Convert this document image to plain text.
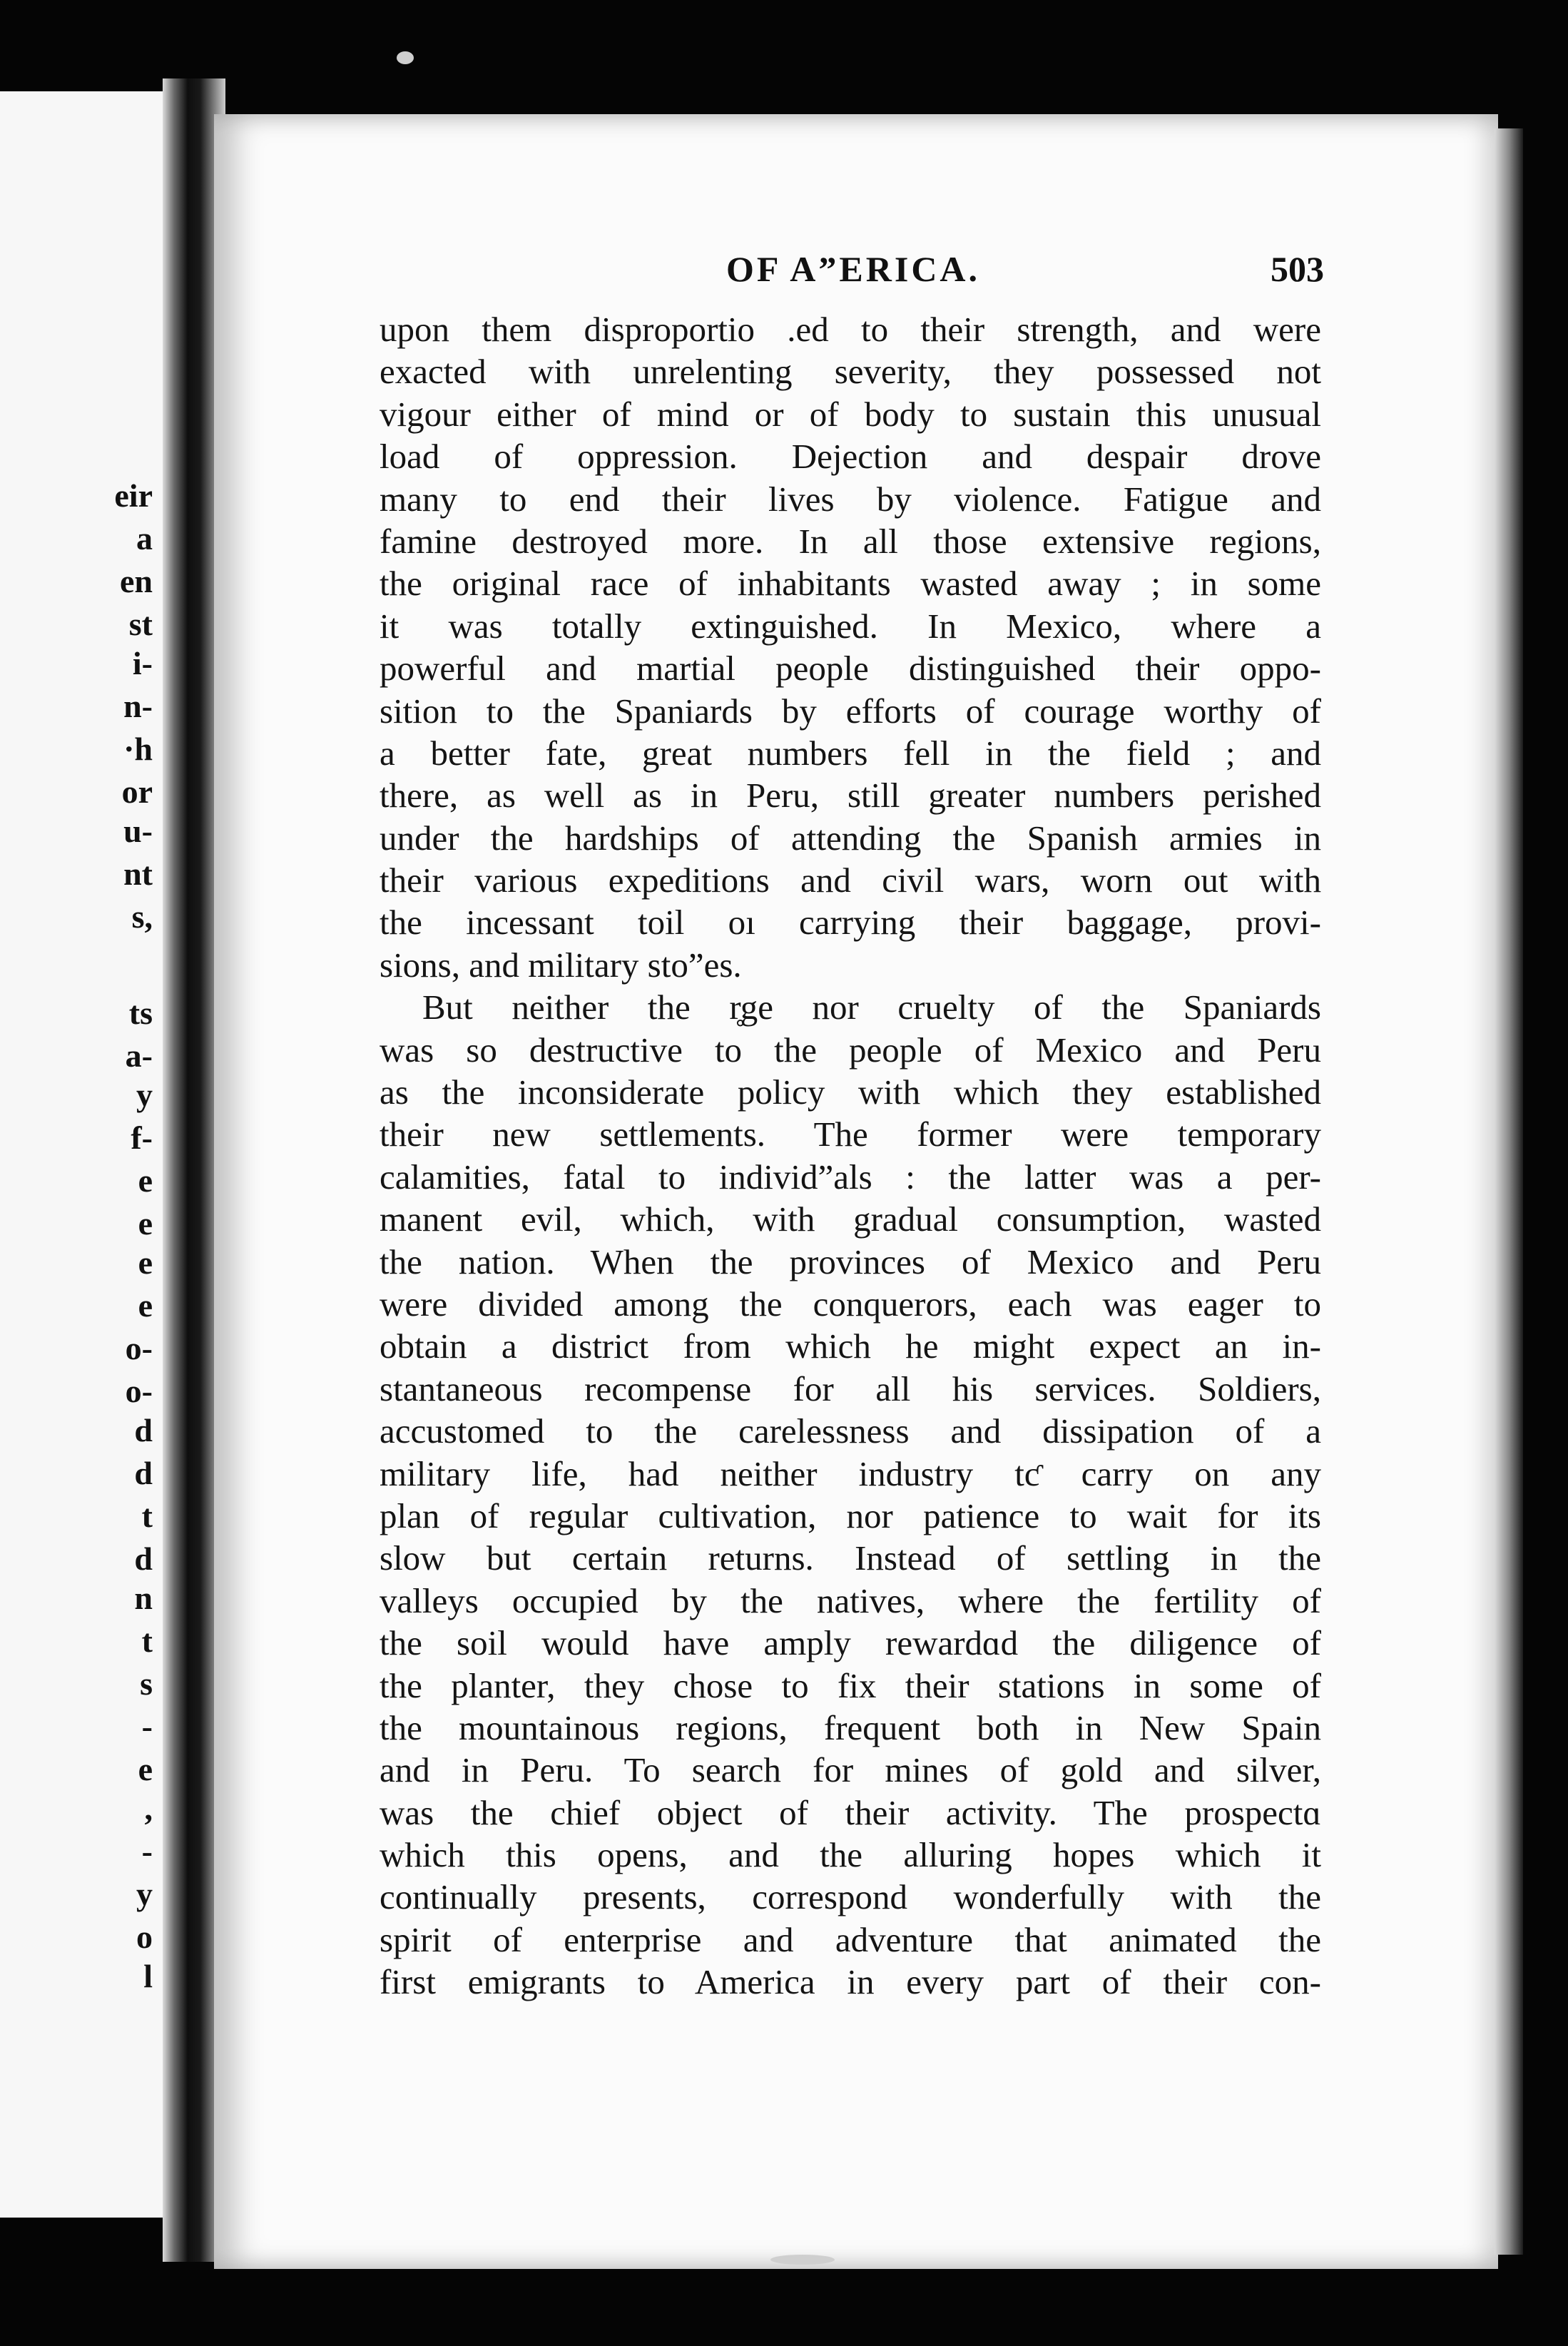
eir
a
en
st
i-
n-
·h
or
u-
nt
s,
ts
a-
y
f-
e
e
e
e
o-
o-
d
d
t
d
n
t
s
-
e
,
-
y
o
l
OF A”ERICA.	503
upon them disproportio .ed to their strength, and were
exacted with unrelenting severity, they possessed not
vigour either of mind or of body to sustain this unusual
load of oppression. Dejection and despair drove
many to end their lives by violence. Fatigue and
famine destroyed more. In all those extensive regions,
the original race of inhabitants wasted away ; in some
it was totally extinguished. In Mexico, where a
powerful and martial people distinguished their oppo-
sition to the Spaniards by efforts of courage worthy of
a better fate, great numbers fell in the field ; and
there, as well as in Peru, still greater numbers perished
under the hardships of attending the Spanish armies in
their various expeditions and civil wars, worn out with
the incessant toil oı carrying their baggage, provi-
sions, and military sto”es.
But neither the r̥ge nor cruelty of the Spaniards
was so destructive to the people of Mexico and Peru
as the inconsiderate policy with which they established
their new settlements. The former were temporary
calamities, fatal to individ”als : the latter was a per-
manent evil, which, with gradual consumption, wasted
the nation. When the provinces of Mexico and Peru
were divided among the conquerors, each was eager to
obtain a district from which he might expect an in-
stantaneous recompense for all his services. Soldiers,
accustomed to the carelessness and dissipation of a
military life, had neither industry tƈ carry on any
plan of regular cultivation, nor patience to wait for its
slow but certain returns. Instead of settling in the
valleys occupied by the natives, where the fertility of
the soil would have amply rewardɑd the diligence of
the planter, they chose to fix their stations in some of
the mountainous regions, frequent both in New Spain
and in Peru. To search for mines of gold and silver,
was the chief object of their activity. The prospectɑ
which this opens, and the alluring hopes which it
continually presents, correspond wonderfully with the
spirit of enterprise and adventure that animated the
first emigrants to America in every part of their con-
